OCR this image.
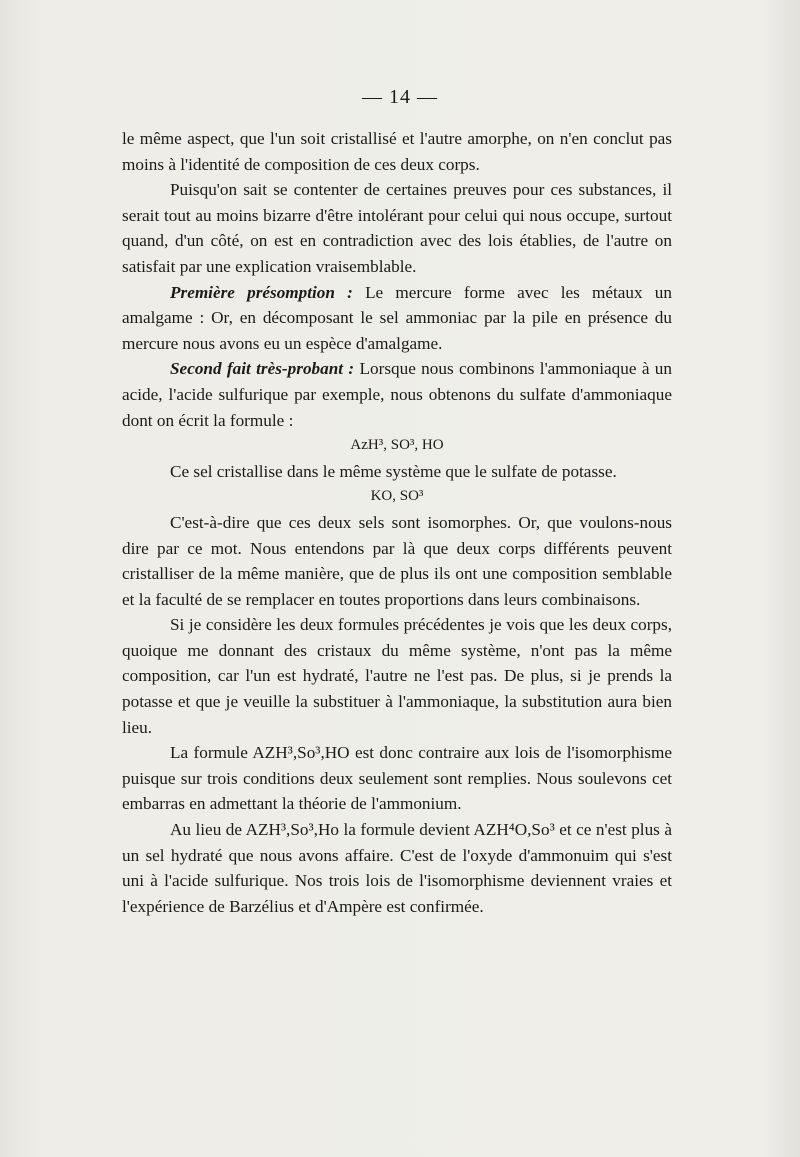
— 14 —

le même aspect, que l'un soit cristallisé et l'autre amorphe, on n'en conclut pas moins à l'identité de composition de ces deux corps.

Puisqu'on sait se contenter de certaines preuves pour ces substances, il serait tout au moins bizarre d'être intolérant pour celui qui nous occupe, surtout quand, d'un côté, on est en contradiction avec des lois établies, de l'autre on satisfait par une explication vraisemblable.

Première présomption : Le mercure forme avec les métaux un amalgame : Or, en décomposant le sel ammoniac par la pile en présence du mercure nous avons eu un espèce d'amalgame.

Second fait très-probant : Lorsque nous combinons l'ammoniaque à un acide, l'acide sulfurique par exemple, nous obtenons du sulfate d'ammoniaque dont on écrit la formule :

AzH³, SO³, HO

Ce sel cristallise dans le même système que le sulfate de potasse.

KO, SO³

C'est-à-dire que ces deux sels sont isomorphes. Or, que voulons-nous dire par ce mot. Nous entendons par là que deux corps différents peuvent cristalliser de la même manière, que de plus ils ont une composition semblable et la faculté de se remplacer en toutes proportions dans leurs combinaisons.

Si je considère les deux formules précédentes je vois que les deux corps, quoique me donnant des cristaux du même système, n'ont pas la même composition, car l'un est hydraté, l'autre ne l'est pas. De plus, si je prends la potasse et que je veuille la substituer à l'ammoniaque, la substitution aura bien lieu.

La formule AZH³,So³,HO est donc contraire aux lois de l'isomorphisme puisque sur trois conditions deux seulement sont remplies. Nous soulevons cet embarras en admettant la théorie de l'ammonium.

Au lieu de AZH³,So³,Ho la formule devient AZH⁴O,So³ et ce n'est plus à un sel hydraté que nous avons affaire. C'est de l'oxyde d'ammonuim qui s'est uni à l'acide sulfurique. Nos trois lois de l'isomorphisme deviennent vraies et l'expérience de Barzélius et d'Ampère est confirmée.
